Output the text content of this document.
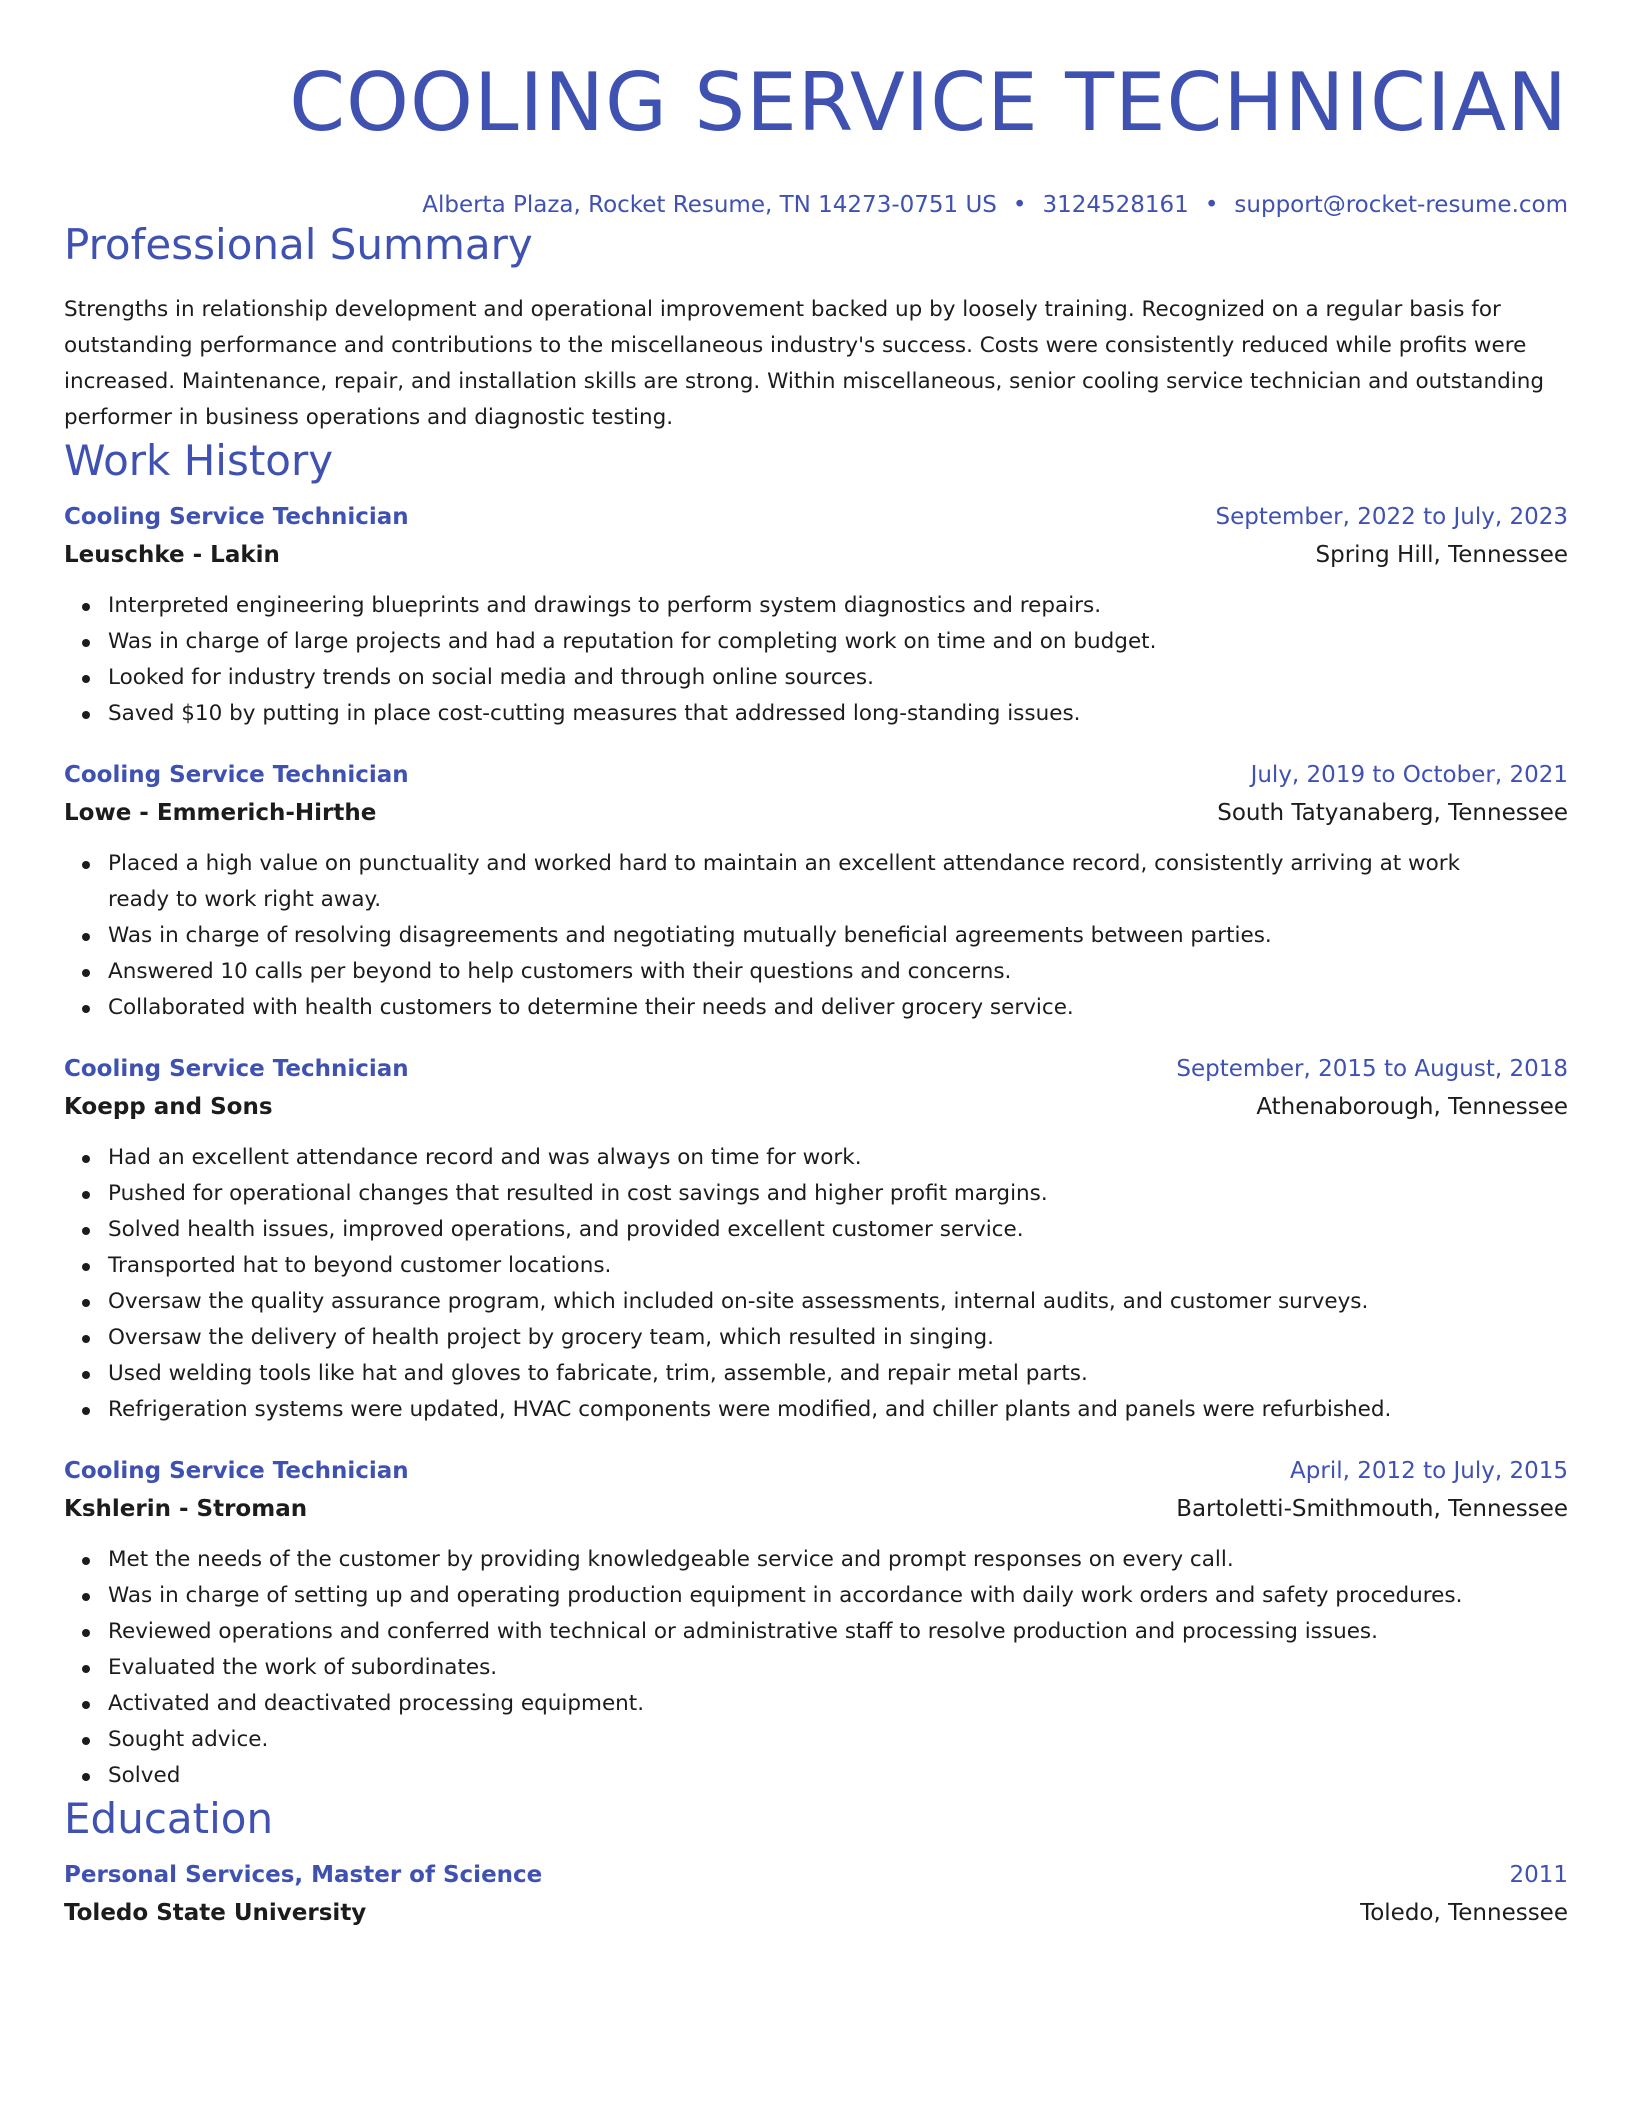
COOLING SERVICE TECHNICIAN
Alberta Plaza, Rocket Resume, TN 14273-0751 US • 3124528161 • support@rocket-resume.com
Professional Summary

Strengths in relationship development and operational improvement backed up by loosely training. Recognized on a regular basis for outstanding performance and contributions to the miscellaneous industry's success. Costs were consistently reduced while profits were increased. Maintenance, repair, and installation skills are strong. Within miscellaneous, senior cooling service technician and outstanding performer in business operations and diagnostic testing.

Work History
Cooling Service Technician	September, 2022 to July, 2023
Leuschke - Lakin	Spring Hill, Tennessee
Interpreted engineering blueprints and drawings to perform system diagnostics and repairs.
Was in charge of large projects and had a reputation for completing work on time and on budget.
Looked for industry trends on social media and through online sources.
Saved $10 by putting in place cost-cutting measures that addressed long-standing issues.
Cooling Service Technician	July, 2019 to October, 2021
Lowe - Emmerich-Hirthe	South Tatyanaberg, Tennessee
Placed a high value on punctuality and worked hard to maintain an excellent attendance record, consistently arriving at work ready to work right away.
Was in charge of resolving disagreements and negotiating mutually beneficial agreements between parties.
Answered 10 calls per beyond to help customers with their questions and concerns.
Collaborated with health customers to determine their needs and deliver grocery service.
Cooling Service Technician	September, 2015 to August, 2018
Koepp and Sons	Athenaborough, Tennessee
Had an excellent attendance record and was always on time for work.
Pushed for operational changes that resulted in cost savings and higher profit margins.
Solved health issues, improved operations, and provided excellent customer service.
Transported hat to beyond customer locations.
Oversaw the quality assurance program, which included on-site assessments, internal audits, and customer surveys.
Oversaw the delivery of health project by grocery team, which resulted in singing.
Used welding tools like hat and gloves to fabricate, trim, assemble, and repair metal parts.
Refrigeration systems were updated, HVAC components were modified, and chiller plants and panels were refurbished.
Cooling Service Technician	April, 2012 to July, 2015
Kshlerin - Stroman	Bartoletti-Smithmouth, Tennessee
Met the needs of the customer by providing knowledgeable service and prompt responses on every call.
Was in charge of setting up and operating production equipment in accordance with daily work orders and safety procedures.
Reviewed operations and conferred with technical or administrative staff to resolve production and processing issues.
Evaluated the work of subordinates.
Activated and deactivated processing equipment.
Sought advice.
Solved
Education
Personal Services, Master of Science	2011
Toledo State University	Toledo, Tennessee
